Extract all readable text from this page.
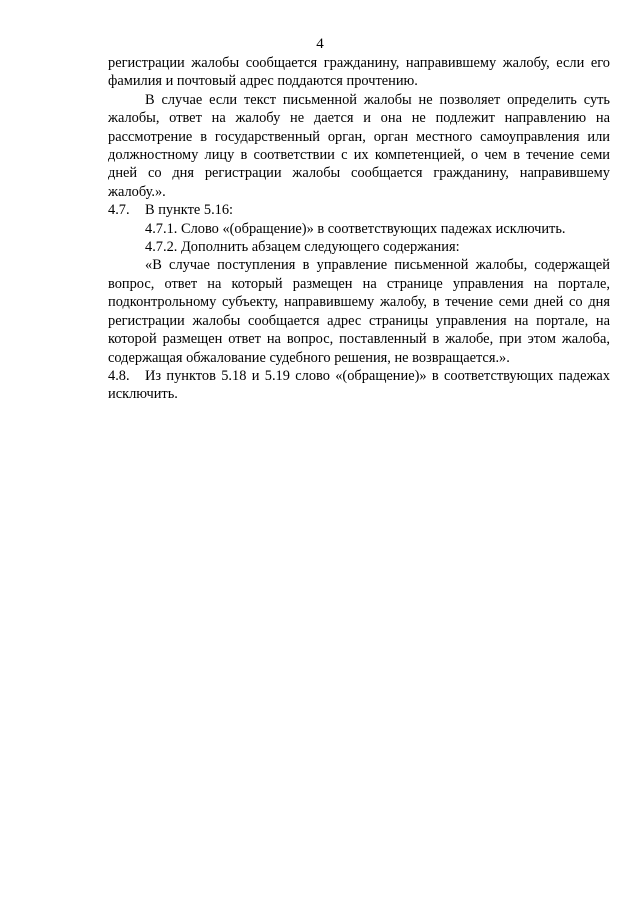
4

регистрации жалобы сообщается гражданину, направившему жалобу, если его фамилия и почтовый адрес поддаются прочтению.

В случае если текст письменной жалобы не позволяет определить суть жалобы, ответ на жалобу не дается и она не подлежит направлению на рассмотрение в государственный орган, орган местного самоуправления или должностному лицу в соответствии с их компетенцией, о чем в течение семи дней со дня регистрации жалобы сообщается гражданину, направившему жалобу.».

4.7. В пункте 5.16:

4.7.1. Слово «(обращение)» в соответствующих падежах исключить.

4.7.2. Дополнить абзацем следующего содержания:

«В случае поступления в управление письменной жалобы, содержащей вопрос, ответ на который размещен на странице управления на портале, подконтрольному субъекту, направившему жалобу, в течение семи дней со дня регистрации жалобы сообщается адрес страницы управления на портале, на которой размещен ответ на вопрос, поставленный в жалобе, при этом жалоба, содержащая обжалование судебного решения, не возвращается.».

4.8. Из пунктов 5.18 и 5.19 слово «(обращение)» в соответствующих падежах исключить.
